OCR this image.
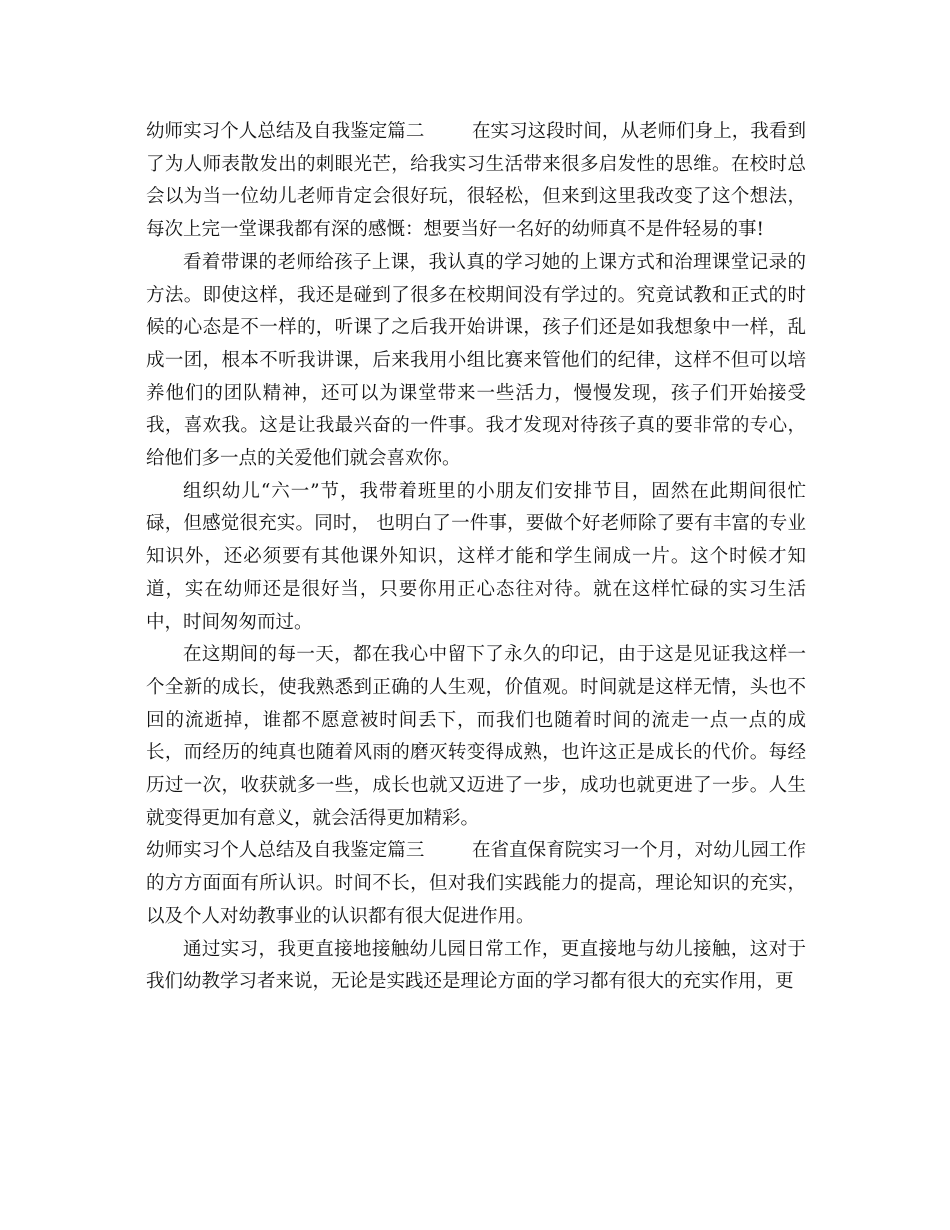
幼师实习个人总结及自我鉴定篇二	在实习这段时间，从老师们身上，我看到了为人师表散发出的刺眼光芒，给我实习生活带来很多启发性的思维。在校时总会以为当一位幼儿老师肯定会很好玩，很轻松，但来到这里我改变了这个想法，每次上完一堂课我都有深的感慨：想要当好一名好的幼师真不是件轻易的事!

看着带课的老师给孩子上课，我认真的学习她的上课方式和治理课堂记录的方法。即使这样，我还是碰到了很多在校期间没有学过的。究竟试教和正式的时候的心态是不一样的，听课了之后我开始讲课，孩子们还是如我想象中一样，乱成一团，根本不听我讲课，后来我用小组比赛来管他们的纪律，这样不但可以培养他们的团队精神，还可以为课堂带来一些活力，慢慢发现，孩子们开始接受我，喜欢我。这是让我最兴奋的一件事。我才发现对待孩子真的要非常的专心，给他们多一点的关爱他们就会喜欢你。

组织幼儿“六一”节，我带着班里的小朋友们安排节目，固然在此期间很忙碌，但感觉很充实。同时， 也明白了一件事，要做个好老师除了要有丰富的专业知识外，还必须要有其他课外知识，这样才能和学生闹成一片。这个时候才知道，实在幼师还是很好当，只要你用正心态往对待。就在这样忙碌的实习生活中，时间匆匆而过。

在这期间的每一天，都在我心中留下了永久的印记，由于这是见证我这样一个全新的成长，使我熟悉到正确的人生观，价值观。时间就是这样无情，头也不回的流逝掉，谁都不愿意被时间丢下，而我们也随着时间的流走一点一点的成长，而经历的纯真也随着风雨的磨灭转变得成熟，也许这正是成长的代价。每经历过一次，收获就多一些，成长也就又迈进了一步，成功也就更进了一步。人生就变得更加有意义，就会活得更加精彩。

幼师实习个人总结及自我鉴定篇三	在省直保育院实习一个月，对幼儿园工作的方方面面有所认识。时间不长，但对我们实践能力的提高，理论知识的充实，以及个人对幼教事业的认识都有很大促进作用。

通过实习，我更直接地接触幼儿园日常工作，更直接地与幼儿接触，这对于我们幼教学习者来说，无论是实践还是理论方面的学习都有很大的充实作用，更
